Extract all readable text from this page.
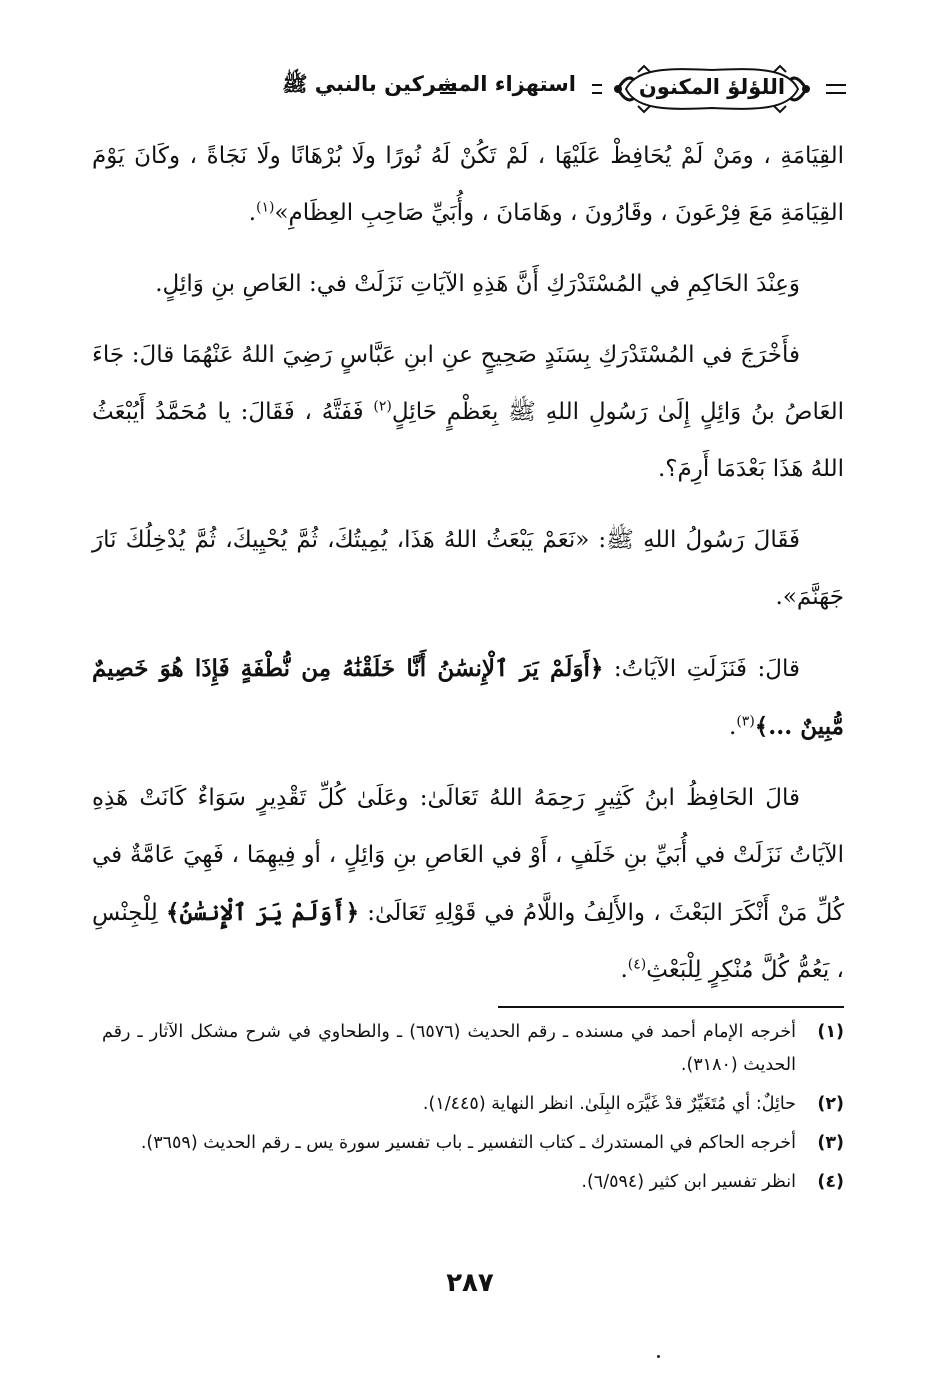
اللؤلؤ المكنون
استهزاء المشركين بالنبي ﷺ

القِيَامَةِ ، ومَنْ لَمْ يُحَافِظْ عَلَيْهَا ، لَمْ تَكُنْ لَهُ نُورًا ولَا بُرْهَانًا ولَا نَجَاةً ، وكَانَ يَوْمَ القِيَامَةِ مَعَ فِرْعَونَ ، وقَارُونَ ، وهَامَانَ ، وأُبَيِّ صَاحِبِ العِظَامِ»$^{(١)}$.

وَعِنْدَ الحَاكِمِ في المُسْتَدْرَكِ أَنَّ هَذِهِ الآيَاتِ نَزَلَتْ في: العَاصِ بنِ وَائِلٍ.

فأَخْرَجَ في المُسْتَدْرَكِ بِسَنَدٍ صَحِيحٍ عنِ ابنِ عَبَّاسٍ رَضِيَ اللهُ عَنْهُمَا قالَ: جَاءَ العَاصُ بنُ وَائِلٍ إِلَىٰ رَسُولِ اللهِ ﷺ بِعَظْمٍ حَائِلٍ$^{(٢)}$ فَفَتَّهُ ، فَقَالَ: يا مُحَمَّدُ أَيُبْعَثُ اللهُ هَذَا بَعْدَمَا أَرِمَ؟.

فَقَالَ رَسُولُ اللهِ ﷺ: «نَعَمْ يَبْعَثُ اللهُ هَذَا، يُمِيتُكَ، ثُمَّ يُحْيِيكَ، ثُمَّ يُدْخِلُكَ نَارَ جَهَنَّمَ».

قالَ: فَنَزَلَتِ الآيَاتُ: ﴿أَوَلَمْ يَرَ ٱلْإِنسَٰنُ أَنَّا خَلَقْنَٰهُ مِن نُّطْفَةٍ فَإِذَا هُوَ خَصِيمٌ مُّبِينٌ ...﴾$^{(٣)}$.

قالَ الحَافِظُ ابنُ كَثِيرٍ رَحِمَهُ اللهُ تَعَالَىٰ: وعَلَىٰ كُلِّ تَقْدِيرٍ سَوَاءٌ كَانَتْ هَذِهِ الآيَاتُ نَزَلَتْ في أُبَيِّ بنِ خَلَفٍ ، أَوْ في العَاصِ بنِ وَائِلٍ ، أو فِيهِمَا ، فَهِيَ عَامَّةٌ في كُلِّ مَنْ أَنْكَرَ البَعْثَ ، والأَلِفُ واللَّامُ في قَوْلِهِ تَعَالَىٰ: ﴿أَوَلَمْ يَرَ ٱلْإِنسَٰنُ﴾ لِلْجِنْسِ ، يَعُمُّ كُلَّ مُنْكِرٍ لِلْبَعْثِ$^{(٤)}$.

(١)
أخرجه الإمام أحمد في مسنده ـ رقم الحديث (٦٥٧٦) ـ والطحاوي في شرح مشكل الآثار ـ رقم الحديث (٣١٨٠).
(٢)
حائِلٌ: أي مُتَغَيِّرٌ قدْ غَيَّرَه البِلَىٰ. انظر النهاية (١/٤٤٥).
(٣)
أخرجه الحاكم في المستدرك ـ كتاب التفسير ـ باب تفسير سورة يس ـ رقم الحديث (٣٦٥٩).
(٤)
انظر تفسير ابن كثير (٦/٥٩٤).
٢٨٧
